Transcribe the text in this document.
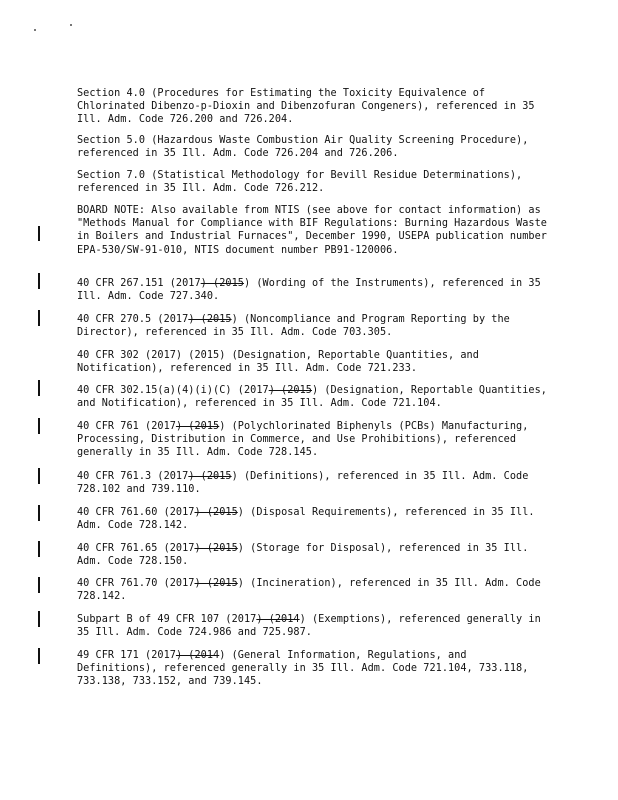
Section 4.0 (Procedures for Estimating the Toxicity Equivalence of Chlorinated Dibenzo-p-Dioxin and Dibenzofuran Congeners), referenced in 35 Ill. Adm. Code 726.200 and 726.204.

Section 5.0 (Hazardous Waste Combustion Air Quality Screening Procedure), referenced in 35 Ill. Adm. Code 726.204 and 726.206.

Section 7.0 (Statistical Methodology for Bevill Residue Determinations), referenced in 35 Ill. Adm. Code 726.212.

BOARD NOTE: Also available from NTIS (see above for contact information) as "Methods Manual for Compliance with BIF Regulations: Burning Hazardous Waste in Boilers and Industrial Furnaces", December 1990, USEPA publication number EPA-530/SW-91-010, NTIS document number PB91-120006.

40 CFR 267.151 (2017) (2015) (Wording of the Instruments), referenced in 35 Ill. Adm. Code 727.340.

40 CFR 270.5 (2017) (2015) (Noncompliance and Program Reporting by the Director), referenced in 35 Ill. Adm. Code 703.305.

40 CFR 302 (2017) (2015) (Designation, Reportable Quantities, and Notification), referenced in 35 Ill. Adm. Code 721.233.

40 CFR 302.15(a)(4)(i)(C) (2017) (2015) (Designation, Reportable Quantities, and Notification), referenced in 35 Ill. Adm. Code 721.104.

40 CFR 761 (2017) (2015) (Polychlorinated Biphenyls (PCBs) Manufacturing, Processing, Distribution in Commerce, and Use Prohibitions), referenced generally in 35 Ill. Adm. Code 728.145.

40 CFR 761.3 (2017) (2015) (Definitions), referenced in 35 Ill. Adm. Code 728.102 and 739.110.

40 CFR 761.60 (2017) (2015) (Disposal Requirements), referenced in 35 Ill. Adm. Code 728.142.

40 CFR 761.65 (2017) (2015) (Storage for Disposal), referenced in 35 Ill. Adm. Code 728.150.

40 CFR 761.70 (2017) (2015) (Incineration), referenced in 35 Ill. Adm. Code 728.142.

Subpart B of 49 CFR 107 (2017) (2014) (Exemptions), referenced generally in 35 Ill. Adm. Code 724.986 and 725.987.

49 CFR 171 (2017) (2014) (General Information, Regulations, and Definitions), referenced generally in 35 Ill. Adm. Code 721.104, 733.118, 733.138, 733.152, and 739.145.
